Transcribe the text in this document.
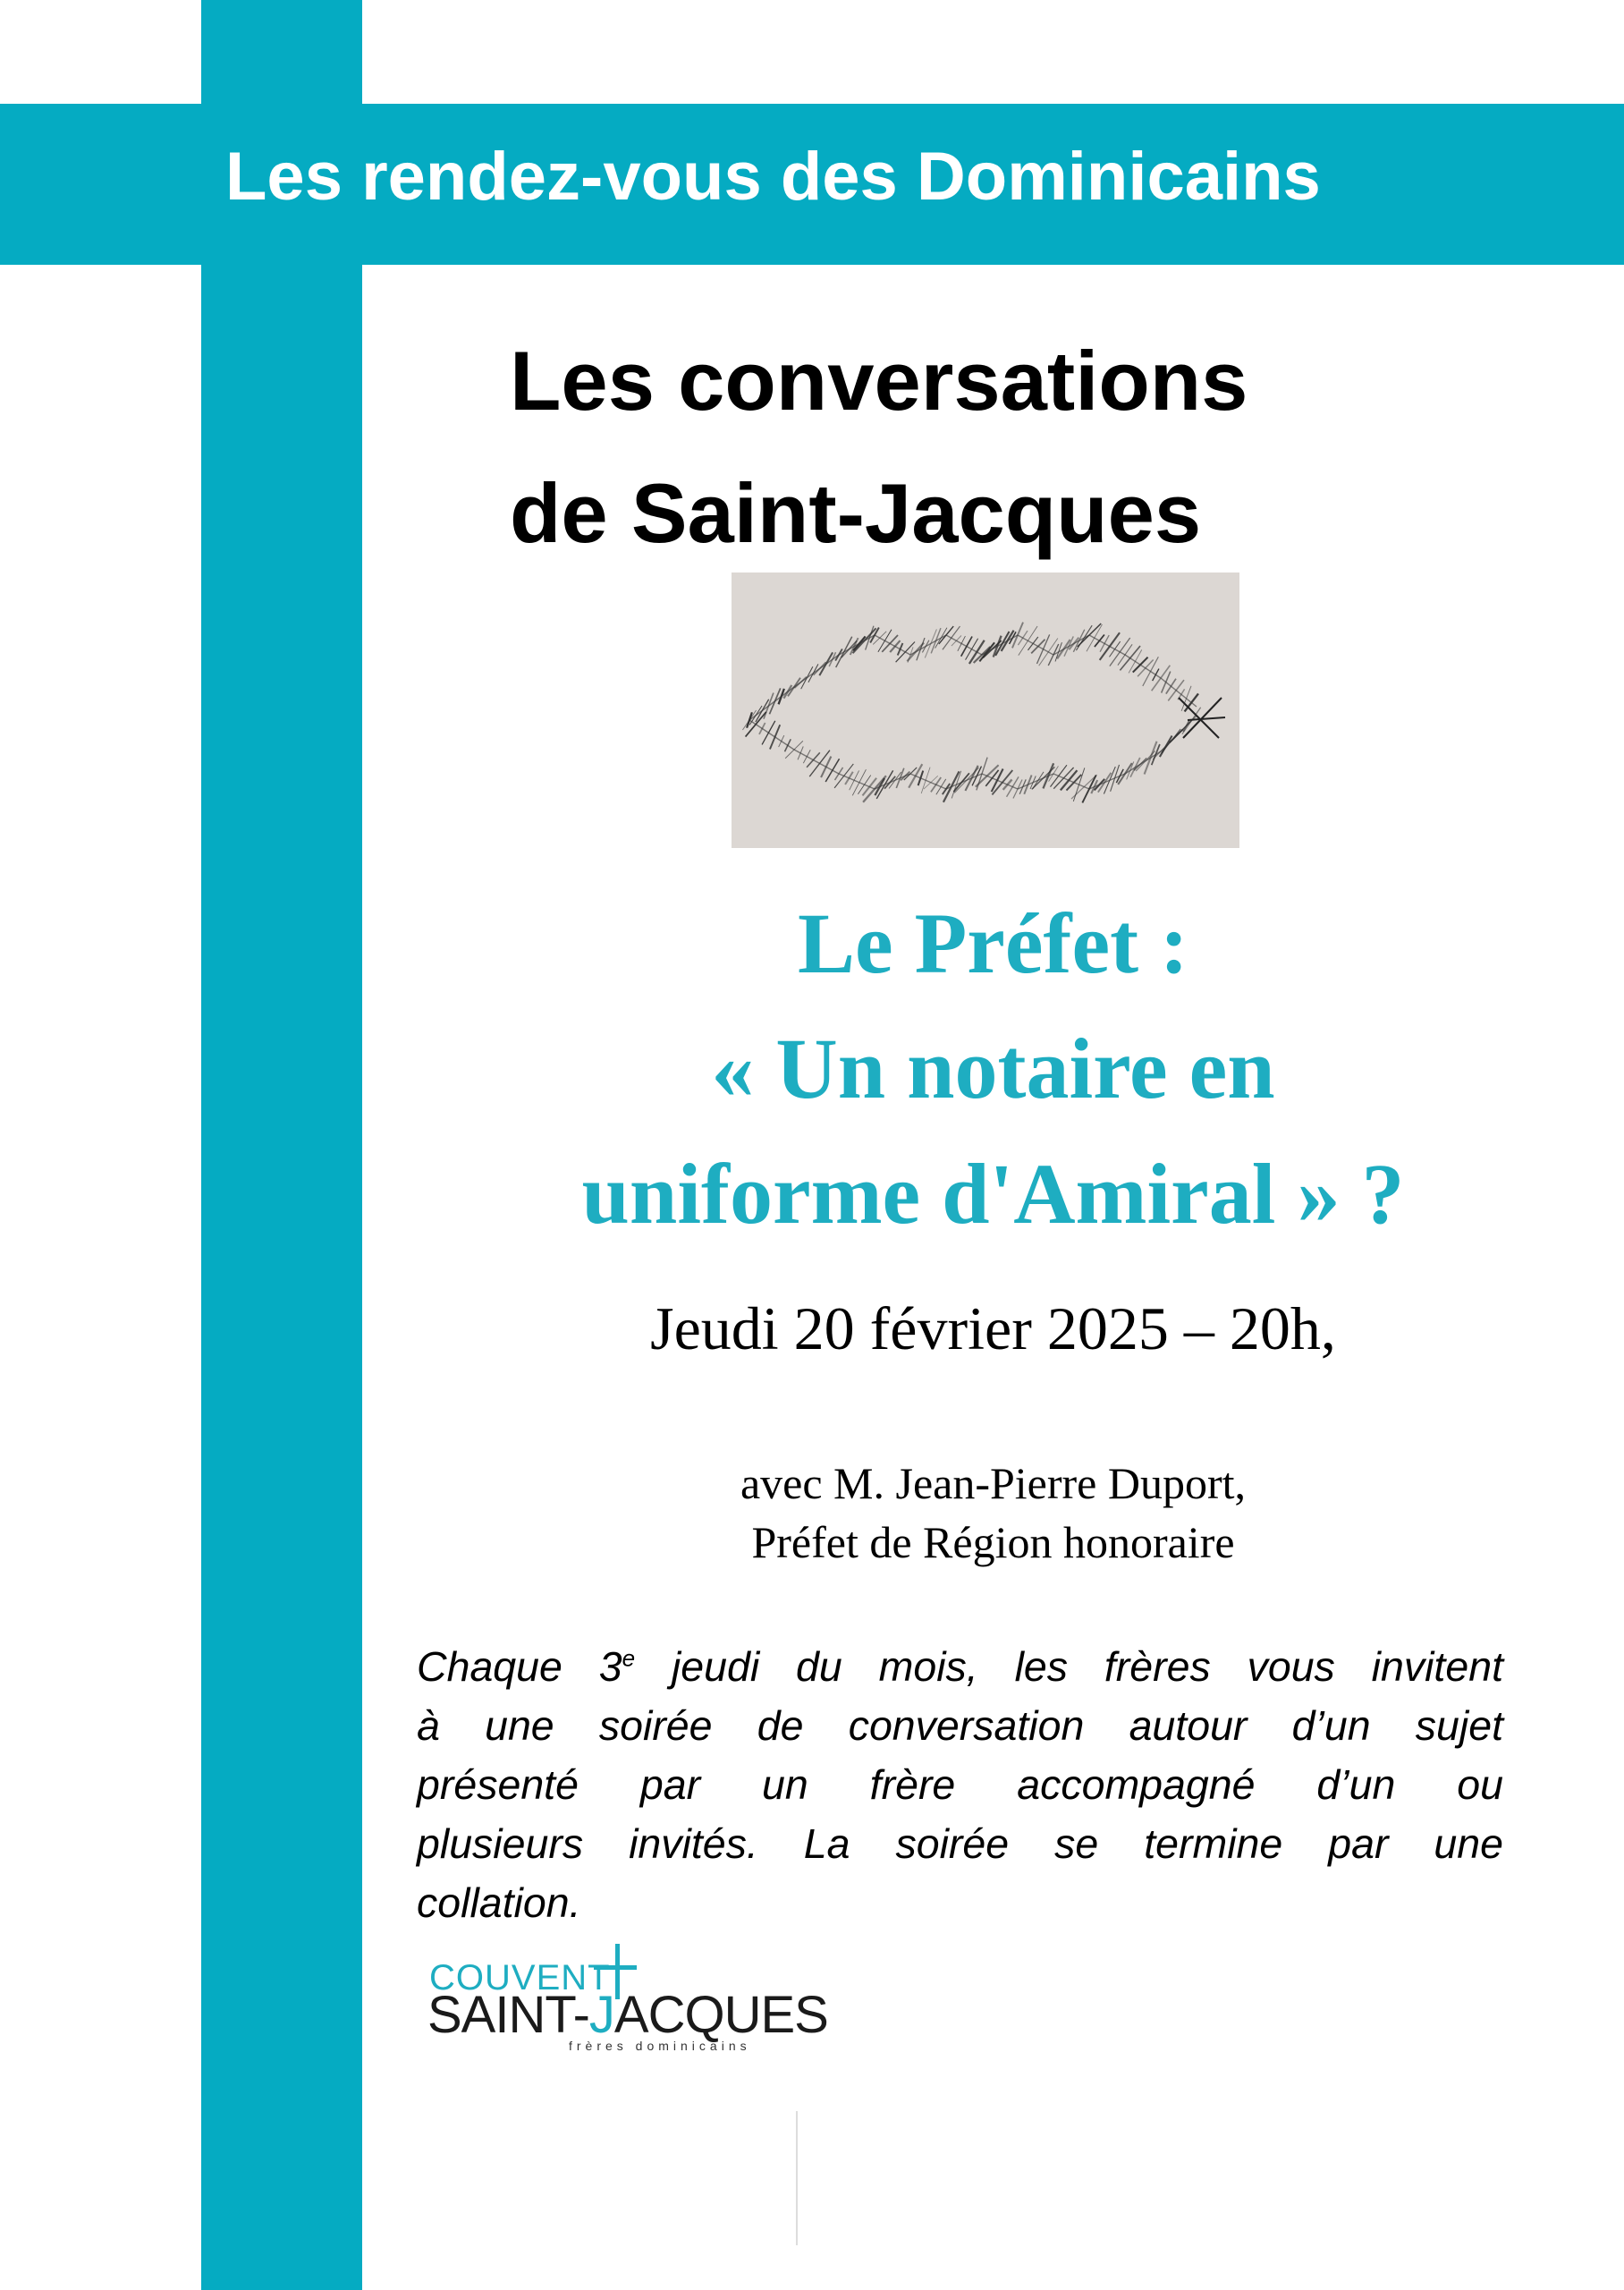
Les rendez-vous des Dominicains
Les conversations
de Saint-Jacques
Le Préfet :
« Un notaire en
uniforme d'Amiral » ?
Jeudi 20 février 2025 – 20h,
avec M. Jean-Pierre Duport,
Préfet de Région honoraire
Chaque 3e jeudi du mois, les frères vous invitent
à une soirée de conversation autour d’un sujet
présenté par un frère accompagné d’un ou
plusieurs invités. La soirée se termine par une
collation.
COUVENT
SAINT-JACQUES
frères dominicains
